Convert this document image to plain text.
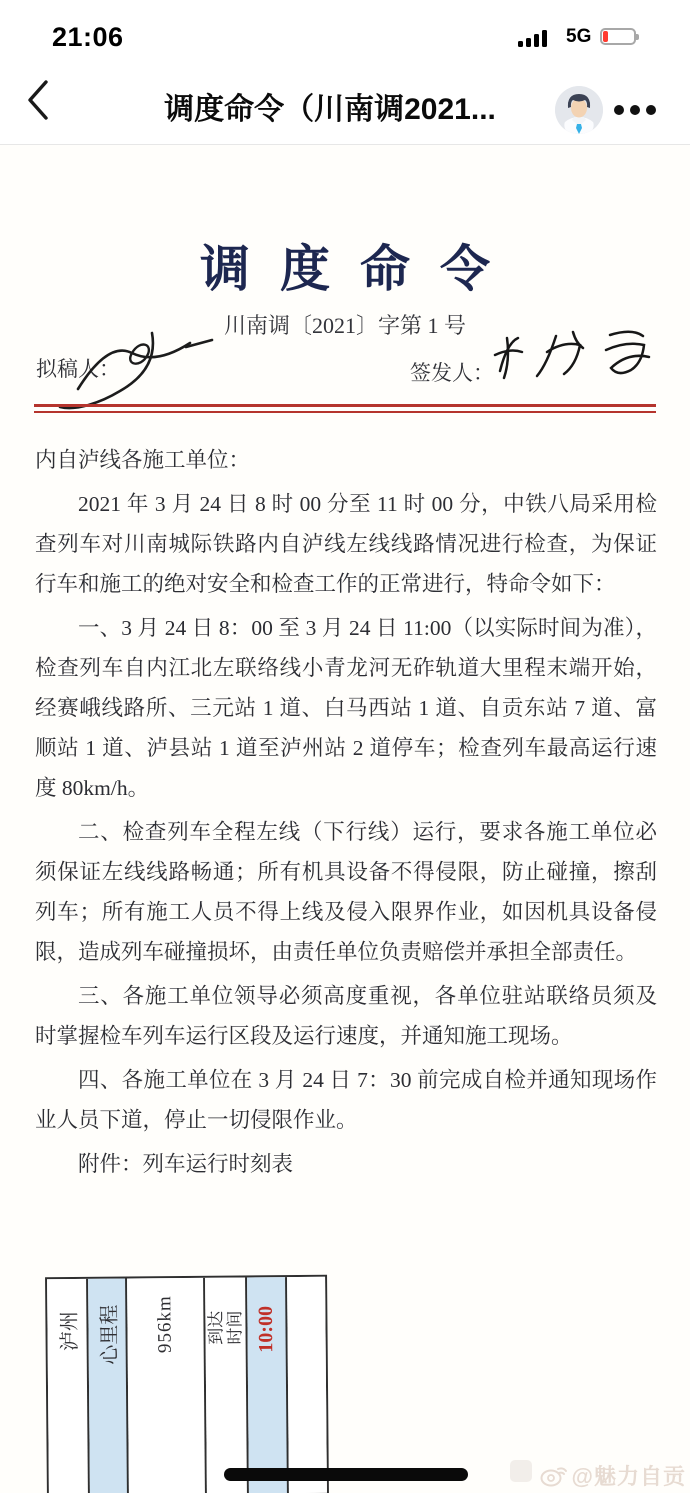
21:06	5G
调度命令（川南调2021...
调度命令
川南调〔2021〕字第 1 号
拟稿人：	签发人：

内自泸线各施工单位：

2021 年 3 月 24 日 8 时 00 分至 11 时 00 分，中铁八局采用检查列车对川南城际铁路内自泸线左线线路情况进行检查，为保证行车和施工的绝对安全和检查工作的正常进行，特命令如下：

一、3 月 24 日 8：00 至 3 月 24 日 11:00（以实际时间为准），检查列车自内江北左联络线小青龙河无砟轨道大里程末端开始，经赛峨线路所、三元站 1 道、白马西站 1 道、自贡东站 7 道、富顺站 1 道、泸县站 1 道至泸州站 2 道停车；检查列车最高运行速度 80km/h。

二、检查列车全程左线（下行线）运行，要求各施工单位必须保证左线线路畅通；所有机具设备不得侵限，防止碰撞，擦刮列车；所有施工人员不得上线及侵入限界作业，如因机具设备侵限，造成列车碰撞损坏，由责任单位负责赔偿并承担全部责任。

三、各施工单位领导必须高度重视，各单位驻站联络员须及时掌握检车列车运行区段及运行速度，并通知施工现场。

四、各施工单位在 3 月 24 日 7：30 前完成自检并通知现场作业人员下道，停止一切侵限作业。

附件：列车运行时刻表

泸州 心里程 956km 到达
时间 10:00
@魅力自贡
